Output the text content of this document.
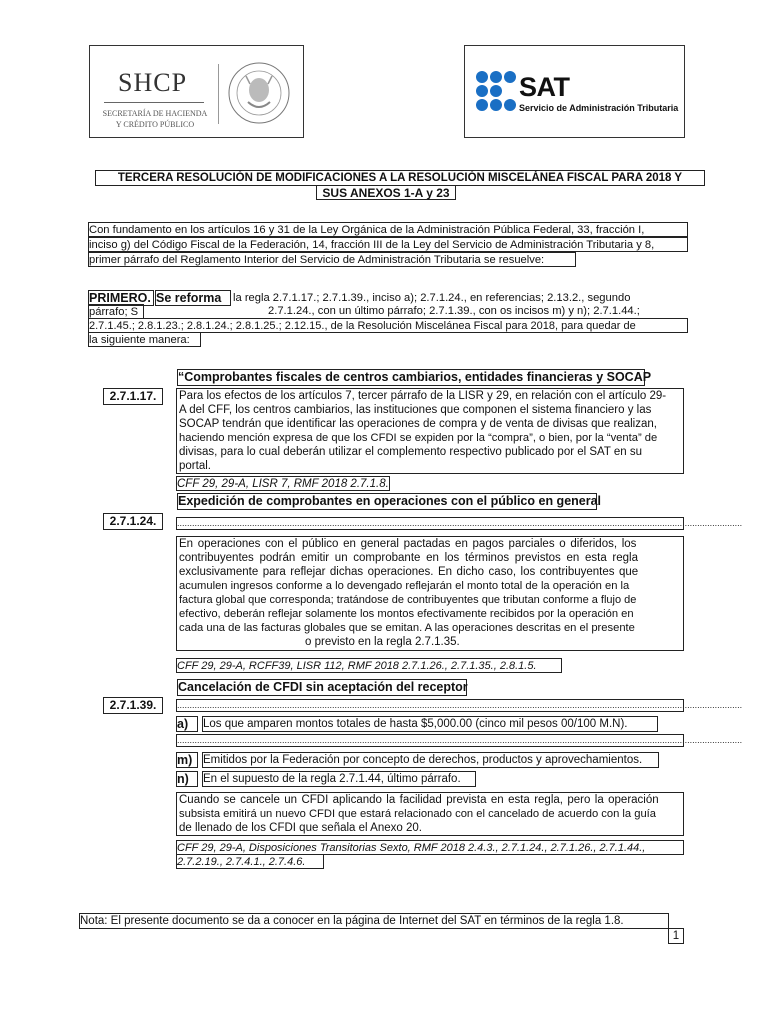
SHCP
SECRETARÍA DE HACIENDA
Y CRÉDITO PÚBLICO
SAT
Servicio de Administración Tributaria
TERCERA RESOLUCIÓN DE MODIFICACIONES A LA RESOLUCIÓN MISCELÁNEA FISCAL PARA 2018 Y
SUS ANEXOS 1-A y 23
Con fundamento en los artículos 16 y 31 de la Ley Orgánica de la Administración Pública Federal, 33, fracción I,
inciso g) del Código Fiscal de la Federación, 14, fracción III de la Ley del Servicio de Administración Tributaria y 8,
primer párrafo del Reglamento Interior del Servicio de Administración Tributaria se resuelve:
PRIMERO. Se reforma	la regla 2.7.1.17.; 2.7.1.39., inciso a); 2.7.1.24., en referencias; 2.13.2., segundo
párrafo; S	2.7.1.24., con un último párrafo; 2.7.1.39., con os incisos m) y n); 2.7.1.44.;
2.7.1.45.; 2.8.1.23.; 2.8.1.24.; 2.8.1.25.; 2.12.15., de la Resolución Miscelánea Fiscal para 2018, para quedar de
la siguiente manera:
“Comprobantes fiscales de centros cambiarios, entidades financieras y SOCAP
2.7.1.17.	Para los efectos de los artículos 7, tercer párrafo de la LISR y 29, en relación con el artículo 29-
A del CFF, los centros cambiarios, las instituciones que componen el sistema financiero y las
SOCAP tendrán que identificar las operaciones de compra y de venta de divisas que realizan,
haciendo mención expresa de que los CFDI se expiden por la “compra”, o bien, por la “venta” de
divisas, para lo cual deberán utilizar el complemento respectivo publicado por el SAT en su
portal.
CFF 29, 29-A, LISR 7, RMF 2018 2.7.1.8.
Expedición de comprobantes en operaciones con el público en general
2.7.1.24.	..................................................................................................................................................................................................................................
En operaciones con el público en general pactadas en pagos parciales o diferidos, los
contribuyentes podrán emitir un comprobante en los términos previstos en esta regla
exclusivamente para reflejar dichas operaciones. En dicho caso, los contribuyentes que
acumulen ingresos conforme a lo devengado reflejarán el monto total de la operación en la
factura global que corresponda; tratándose de contribuyentes que tributan conforme a flujo de
efectivo, deberán reflejar solamente los montos efectivamente recibidos por la operación en
cada una de las facturas globales que se emitan. A las operaciones descritas en el presente
o previsto en la regla 2.7.1.35.
CFF 29, 29-A, RCFF39, LISR 112, RMF 2018 2.7.1.26., 2.7.1.35., 2.8.1.5.
Cancelación de CFDI sin aceptación del receptor
2.7.1.39.	..................................................................................................................................................................................................................................
a)	Los que amparen montos totales de hasta $5,000.00 (cinco mil pesos 00/100 M.N).
..................................................................................................................................................................................................................................
m) Emitidos por la Federación por concepto de derechos, productos y aprovechamientos.
n)	En el supuesto de la regla 2.7.1.44, último párrafo.
Cuando se cancele un CFDI aplicando la facilidad prevista en esta regla, pero la operación
subsista emitirá un nuevo CFDI que estará relacionado con el cancelado de acuerdo con la guía
de llenado de los CFDI que señala el Anexo 20.
CFF 29, 29-A, Disposiciones Transitorias Sexto, RMF 2018 2.4.3., 2.7.1.24., 2.7.1.26., 2.7.1.44.,
2.7.2.19., 2.7.4.1., 2.7.4.6.
Nota: El presente documento se da a conocer en la página de Internet del SAT en términos de la regla 1.8.
1
